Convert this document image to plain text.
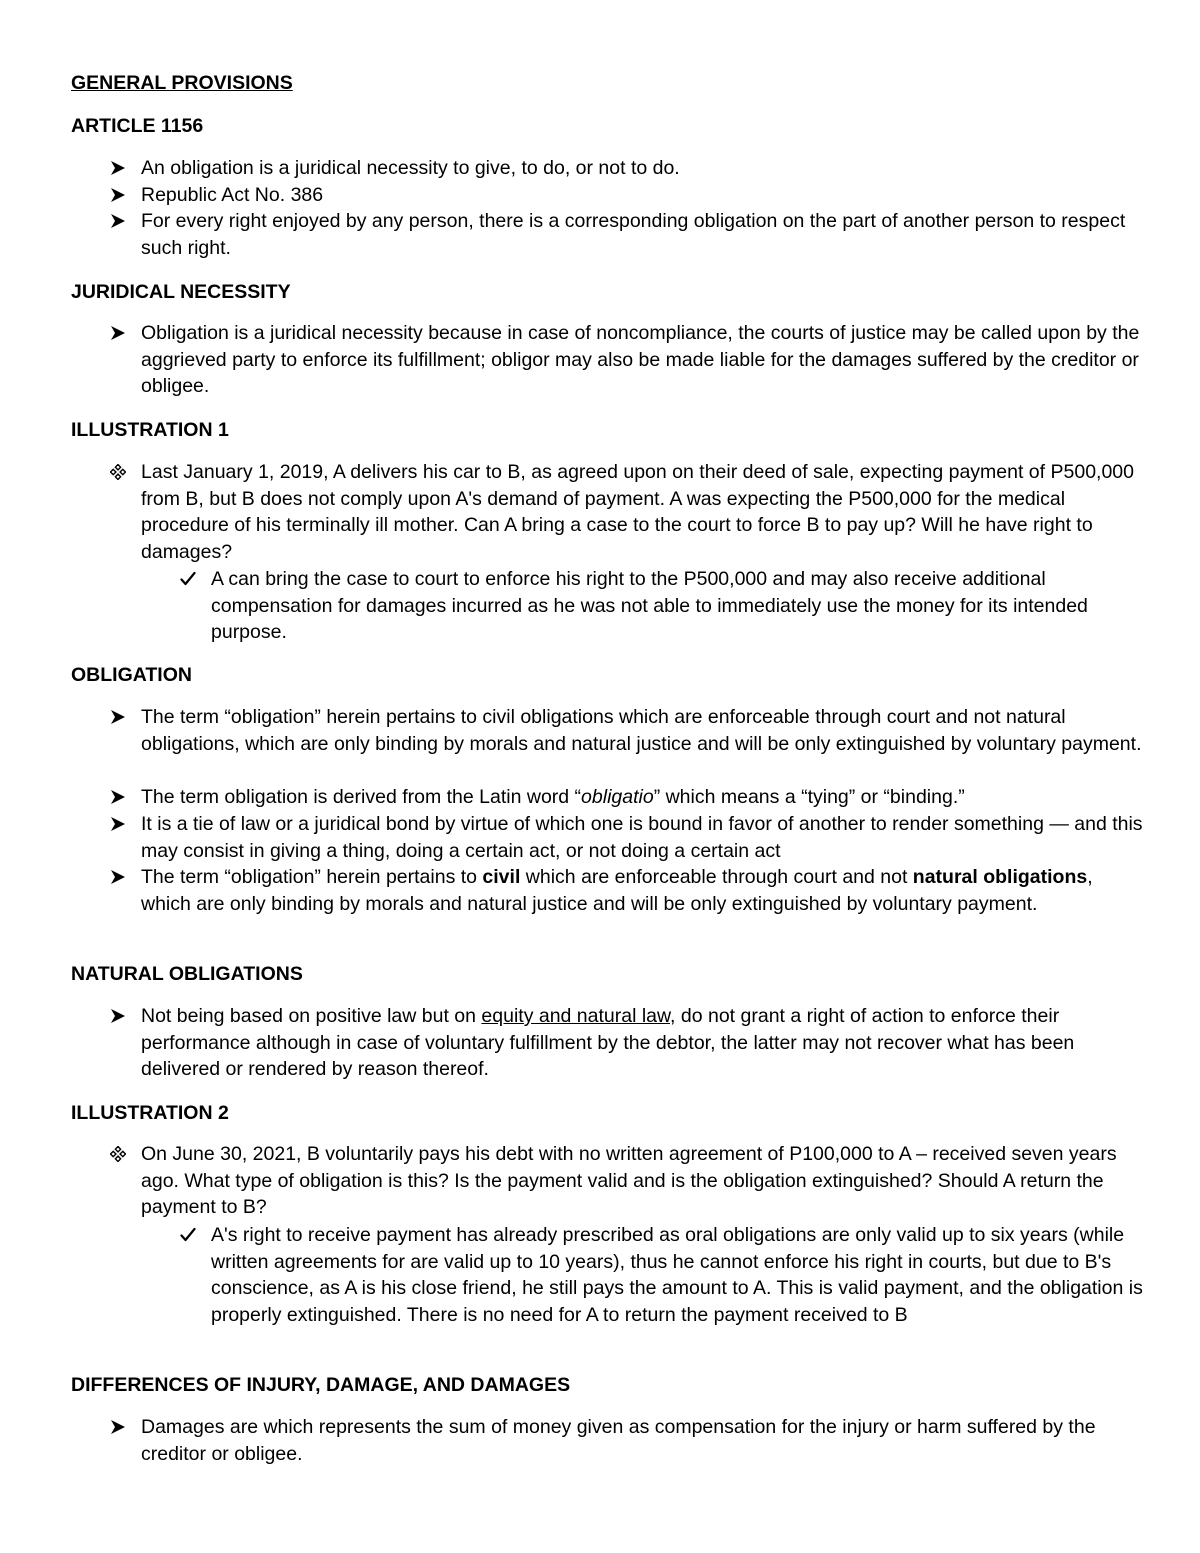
GENERAL PROVISIONS
ARTICLE 1156

An obligation is a juridical necessity to give, to do, or not to do.

Republic Act No. 386

For every right enjoyed by any person, there is a corresponding obligation on the part of another person to respect such right.

JURIDICAL NECESSITY

Obligation is a juridical necessity because in case of noncompliance, the courts of justice may be called upon by the aggrieved party to enforce its fulfillment; obligor may also be made liable for the damages suffered by the creditor or obligee.

ILLUSTRATION 1

Last January 1, 2019, A delivers his car to B, as agreed upon on their deed of sale, expecting payment of P500,000 from B, but B does not comply upon A's demand of payment. A was expecting the P500,000 for the medical procedure of his terminally ill mother. Can A bring a case to the court to force B to pay up? Will he have right to damages?

A can bring the case to court to enforce his right to the P500,000 and may also receive additional compensation for damages incurred as he was not able to immediately use the money for its intended purpose.

OBLIGATION

The term “obligation” herein pertains to civil obligations which are enforceable through court and not natural obligations, which are only binding by morals and natural justice and will be only extinguished by voluntary payment.

The term obligation is derived from the Latin word “obligatio” which means a “tying” or “binding.”

It is a tie of law or a juridical bond by virtue of which one is bound in favor of another to render something — and this may consist in giving a thing, doing a certain act, or not doing a certain act

The term “obligation” herein pertains to civil which are enforceable through court and not natural obligations, which are only binding by morals and natural justice and will be only extinguished by voluntary payment.

NATURAL OBLIGATIONS

Not being based on positive law but on equity and natural law, do not grant a right of action to enforce their performance although in case of voluntary fulfillment by the debtor, the latter may not recover what has been delivered or rendered by reason thereof.

ILLUSTRATION 2

On June 30, 2021, B voluntarily pays his debt with no written agreement of P100,000 to A – received seven years ago. What type of obligation is this? Is the payment valid and is the obligation extinguished? Should A return the payment to B?

A's right to receive payment has already prescribed as oral obligations are only valid up to six years (while written agreements for are valid up to 10 years), thus he cannot enforce his right in courts, but due to B's conscience, as A is his close friend, he still pays the amount to A. This is valid payment, and the obligation is properly extinguished. There is no need for A to return the payment received to B

DIFFERENCES OF INJURY, DAMAGE, AND DAMAGES

Damages are which represents the sum of money given as compensation for the injury or harm suffered by the creditor or obligee.
